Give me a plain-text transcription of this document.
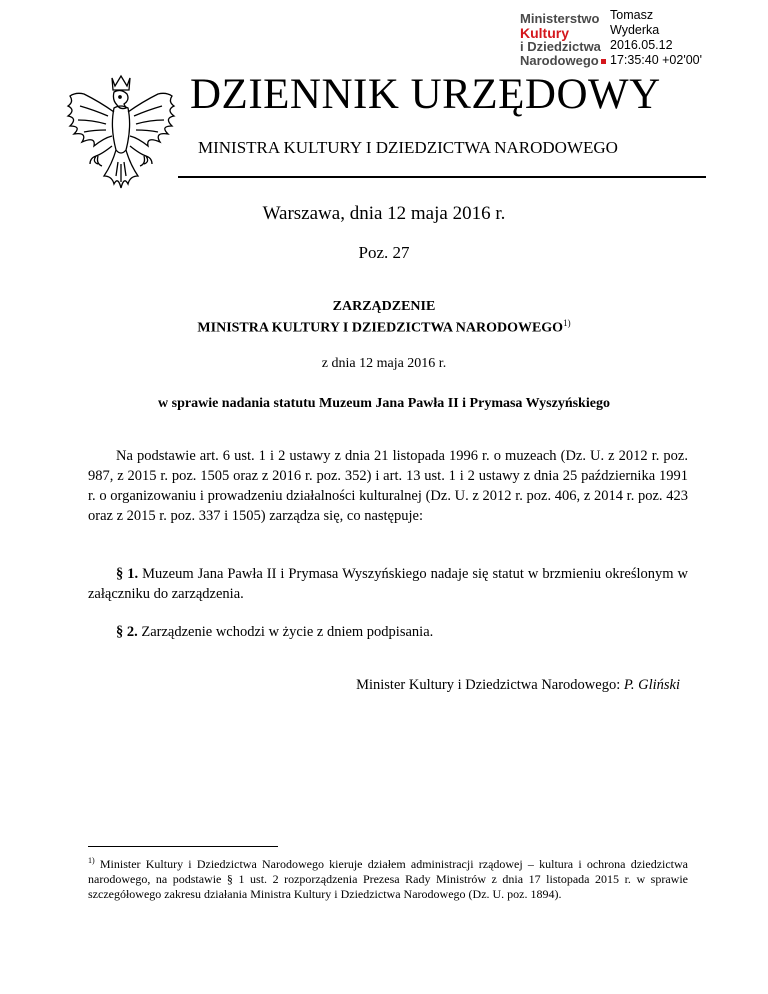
Ministerstwo
Kultury
i Dziedzictwa
Narodowego
Tomasz
Wyderka
2016.05.12
17:35:40 +02'00'
DZIENNIK URZĘDOWY
MINISTRA KULTURY I DZIEDZICTWA NARODOWEGO
Warszawa, dnia 12 maja 2016 r.
Poz. 27
ZARZĄDZENIE
MINISTRA KULTURY I DZIEDZICTWA NARODOWEGO$^{1)}$
z dnia 12 maja 2016 r.
w sprawie nadania statutu Muzeum Jana Pawła II i Prymasa Wyszyńskiego
Na podstawie art. 6 ust. 1 i 2 ustawy z dnia 21 listopada 1996 r. o muzeach (Dz. U. z 2012 r. poz. 987, z 2015 r. poz. 1505 oraz z 2016 r. poz. 352) i art. 13 ust. 1 i 2 ustawy z dnia 25 października 1991 r. o organizowaniu i prowadzeniu działalności kulturalnej (Dz. U. z 2012 r. poz. 406, z 2014 r. poz. 423 oraz z 2015 r. poz. 337 i 1505) zarządza się, co następuje:
§ 1. Muzeum Jana Pawła II i Prymasa Wyszyńskiego nadaje się statut w brzmieniu określonym w załączniku do zarządzenia.
§ 2. Zarządzenie wchodzi w życie z dniem podpisania.
Minister Kultury i Dziedzictwa Narodowego: P. Gliński
$^{1)}$ Minister Kultury i Dziedzictwa Narodowego kieruje działem administracji rządowej – kultura i ochrona dziedzictwa narodowego, na podstawie § 1 ust. 2 rozporządzenia Prezesa Rady Ministrów z dnia 17 listopada 2015 r. w sprawie szczegółowego zakresu działania Ministra Kultury i Dziedzictwa Narodowego (Dz. U. poz. 1894).
